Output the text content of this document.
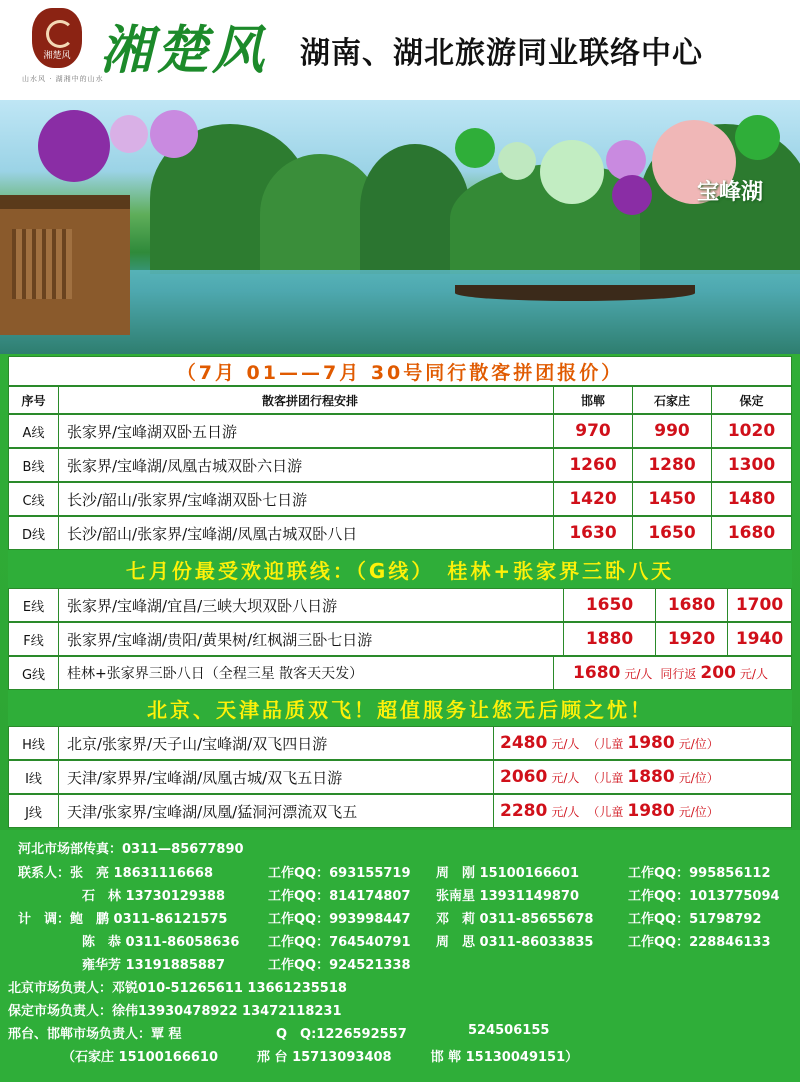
湘楚风
山水风 · 湖湘中的山水
湘楚风 湖南、湖北旅游同业联络中心
宝峰湖
（7月 01——7月 30号同行散客拼团报价）
序号	散客拼团行程安排	邯郸	石家庄	保定
A线	张家界/宝峰湖双卧五日游	970	990	1020
B线	张家界/宝峰湖/凤凰古城双卧六日游	1260	1280	1300
C线	长沙/韶山/张家界/宝峰湖双卧七日游	1420	1450	1480
D线	长沙/韶山/张家界/宝峰湖/凤凰古城双卧八日	1630	1650	1680
七月份最受欢迎联线：（G线）　桂林+张家界三卧八天
E线	张家界/宝峰湖/宜昌/三峡大坝双卧八日游	1650	1680	1700
F线	张家界/宝峰湖/贵阳/黄果树/红枫湖三卧七日游	1880	1920	1940
G线	桂林+张家界三卧八日（全程三星 散客天天发）	1680 元/人 同行返 200 元/人
北京、天津品质双飞！超值服务让您无后顾之忧！
H线	北京/张家界/天子山/宝峰湖/双飞四日游	2480 元/人 （儿童 1980 元/位）
I线	天津/家界界/宝峰湖/凤凰古城/双飞五日游	2060 元/人 （儿童 1880 元/位）
J线	天津/张家界/宝峰湖/凤凰/猛洞河漂流双飞五	2280 元/人 （儿童 1980 元/位）
河北市场部传真：0311—85677890
联系人：张　亮 18631116668	工作QQ：693155719 周　刚 15100166601	工作QQ：995856112
石　林 13730129388	工作QQ：814174807 张南星 13931149870	工作QQ：1013775094
计　调：鲍　鹏 0311-86121575	工作QQ：993998447 邓　莉 0311-85655678	工作QQ：51798792
陈　恭 0311-86058636 工作QQ：764540791 周　思 0311-86033835	工作QQ：228846133
雍华芳 13191885887	工作QQ：924521338
北京市场负责人：邓锐010-51265611 13661235518
保定市场负责人：徐伟13930478922 13472118231
邢台、邯郸市场负责人：覃 程	Q　Q:1226592557	524506155
（石家庄 15100166610　　　邢 台 15713093408　　　邯 郸 15130049151）
